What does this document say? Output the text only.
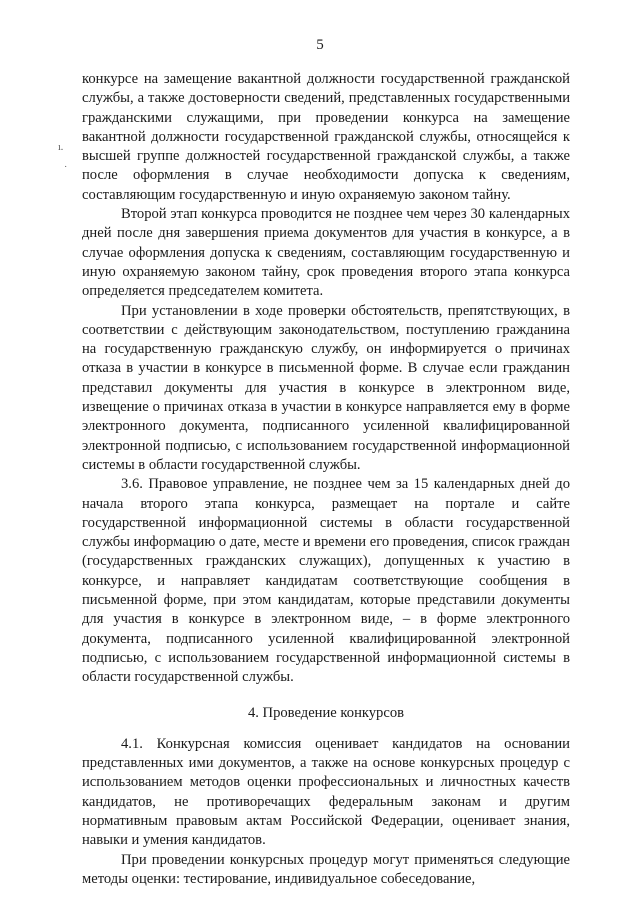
5
ı.
˙

конкурсе на замещение вакантной должности государственной гражданской службы, а также достоверности сведений, представленных государственными гражданскими служащими, при проведении конкурса на замещение вакантной должности государственной гражданской службы, относящейся к высшей группе должностей государственной гражданской службы, а также после оформления в случае необходимости допуска к сведениям, составляющим государственную и иную охраняемую законом тайну.

Второй этап конкурса проводится не позднее чем через 30 календарных дней после дня завершения приема документов для участия в конкурсе, а в случае оформления допуска к сведениям, составляющим государственную и иную охраняемую законом тайну, срок проведения второго этапа конкурса определяется председателем комитета.

При установлении в ходе проверки обстоятельств, препятствующих, в соответствии с действующим законодательством, поступлению гражданина на государственную гражданскую службу, он информируется о причинах отказа в участии в конкурсе в письменной форме. В случае если гражданин представил документы для участия в конкурсе в электронном виде, извещение о причинах отказа в участии в конкурсе направляется ему в форме электронного документа, подписанного усиленной квалифицированной электронной подписью, с использованием государственной информационной системы в области государственной службы.

3.6. Правовое управление, не позднее чем за 15 календарных дней до начала второго этапа конкурса, размещает на портале и сайте государственной информационной системы в области государственной службы информацию о дате, месте и времени его проведения, список граждан (государственных гражданских служащих), допущенных к участию в конкурсе, и направляет кандидатам соответствующие сообщения в письменной форме, при этом кандидатам, которые представили документы для участия в конкурсе в электронном виде, – в форме электронного документа, подписанного усиленной квалифицированной электронной подписью, с использованием государственной информационной системы в области государственной службы.

4. Проведение конкурсов

4.1. Конкурсная комиссия оценивает кандидатов на основании представленных ими документов, а также на основе конкурсных процедур с использованием методов оценки профессиональных и личностных качеств кандидатов, не противоречащих федеральным законам и другим нормативным правовым актам Российской Федерации, оценивает знания, навыки и умения кандидатов.

При проведении конкурсных процедур могут применяться следующие методы оценки: тестирование, индивидуальное собеседование,
